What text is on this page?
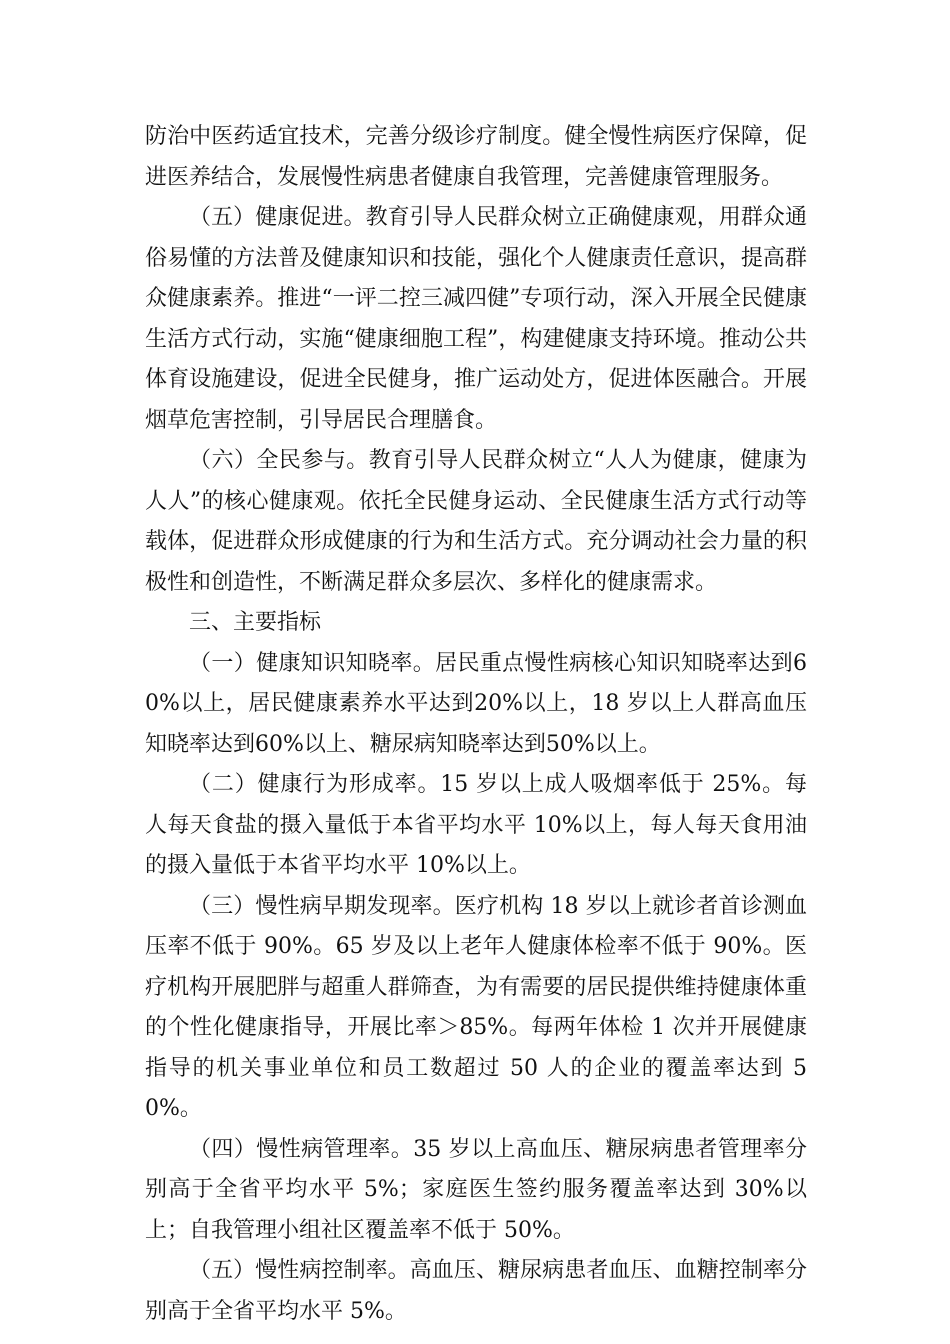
防治中医药适宜技术，完善分级诊疗制度。健全慢性病医疗保障，促进医养结合，发展慢性病患者健康自我管理，完善健康管理服务。

（五）健康促进。教育引导人民群众树立正确健康观，用群众通俗易懂的方法普及健康知识和技能，强化个人健康责任意识，提高群众健康素养。推进“一评二控三减四健”专项行动，深入开展全民健康生活方式行动，实施“健康细胞工程”，构建健康支持环境。推动公共体育设施建设，促进全民健身，推广运动处方，促进体医融合。开展烟草危害控制，引导居民合理膳食。

（六）全民参与。教育引导人民群众树立“人人为健康，健康为人人”的核心健康观。依托全民健身运动、全民健康生活方式行动等载体，促进群众形成健康的行为和生活方式。充分调动社会力量的积极性和创造性，不断满足群众多层次、多样化的健康需求。

三、主要指标

（一）健康知识知晓率。居民重点慢性病核心知识知晓率达到60%以上，居民健康素养水平达到20%以上，18 岁以上人群高血压知晓率达到60%以上、糖尿病知晓率达到50%以上。

（二）健康行为形成率。15 岁以上成人吸烟率低于 25%。每人每天食盐的摄入量低于本省平均水平 10%以上，每人每天食用油的摄入量低于本省平均水平 10%以上。

（三）慢性病早期发现率。医疗机构 18 岁以上就诊者首诊测血压率不低于 90%。65 岁及以上老年人健康体检率不低于 90%。医疗机构开展肥胖与超重人群筛查，为有需要的居民提供维持健康体重的个性化健康指导，开展比率＞85%。每两年体检 1 次并开展健康指导的机关事业单位和员工数超过 50 人的企业的覆盖率达到 50%。

（四）慢性病管理率。35 岁以上高血压、糖尿病患者管理率分别高于全省平均水平 5%；家庭医生签约服务覆盖率达到 30%以上；自我管理小组社区覆盖率不低于 50%。

（五）慢性病控制率。高血压、糖尿病患者血压、血糖控制率分别高于全省平均水平 5%。
